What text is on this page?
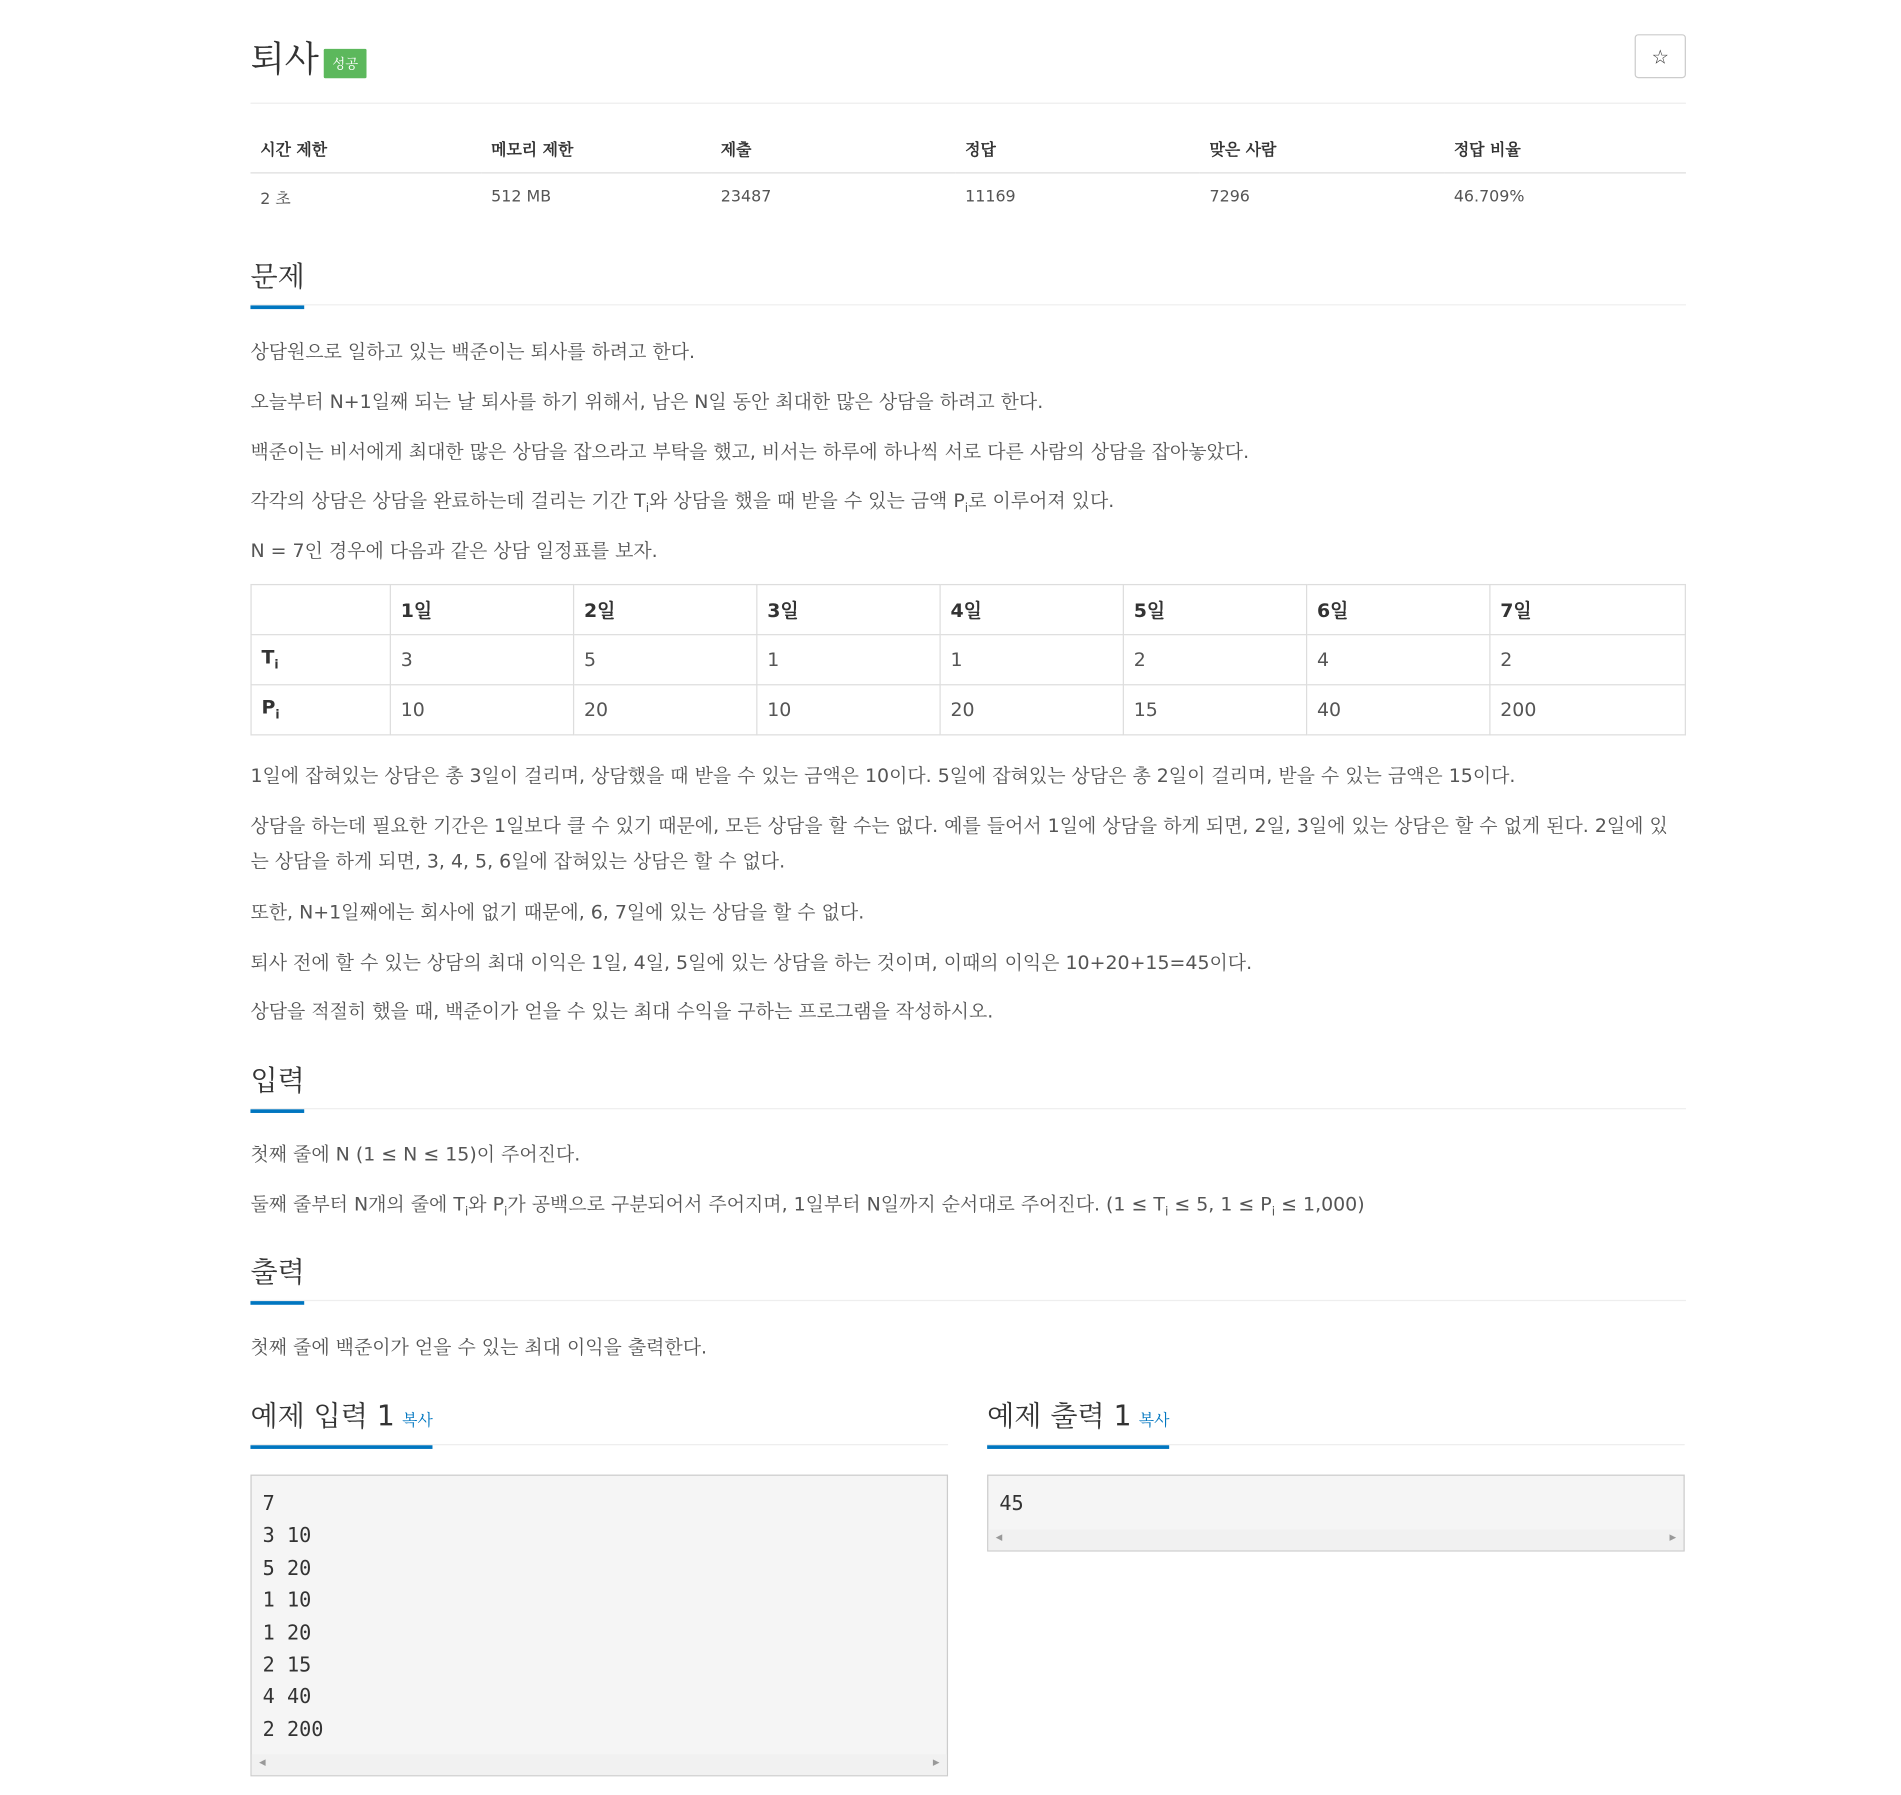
퇴사	성공	☆
시간 제한	메모리 제한	제출	정답	맞은 사람	정답 비율
2 초	512 MB	23487	11169	7296	46.709%
문제
상담원으로 일하고 있는 백준이는 퇴사를 하려고 한다.
오늘부터 N+1일째 되는 날 퇴사를 하기 위해서, 남은 N일 동안 최대한 많은 상담을 하려고 한다.
백준이는 비서에게 최대한 많은 상담을 잡으라고 부탁을 했고, 비서는 하루에 하나씩 서로 다른 사람의 상담을 잡아놓았다.
각각의 상담은 상담을 완료하는데 걸리는 기간 $T_i$와 상담을 했을 때 받을 수 있는 금액 $P_i$로 이루어져 있다.
N = 7인 경우에 다음과 같은 상담 일정표를 보자.
	1일	2일	3일	4일	5일	6일	7일
$T_i$	3	5	1	1	2	4	2
$P_i$	10	20	10	20	15	40	200
1일에 잡혀있는 상담은 총 3일이 걸리며, 상담했을 때 받을 수 있는 금액은 10이다. 5일에 잡혀있는 상담은 총 2일이 걸리며, 받을 수 있는 금액은 15이다.
상담을 하는데 필요한 기간은 1일보다 클 수 있기 때문에, 모든 상담을 할 수는 없다. 예를 들어서 1일에 상담을 하게 되면, 2일, 3일에 있는 상담은 할 수 없게 된다. 2일에 있는 상담을 하게 되면, 3, 4, 5, 6일에 잡혀있는 상담은 할 수 없다.
또한, N+1일째에는 회사에 없기 때문에, 6, 7일에 있는 상담을 할 수 없다.
퇴사 전에 할 수 있는 상담의 최대 이익은 1일, 4일, 5일에 있는 상담을 하는 것이며, 이때의 이익은 10+20+15=45이다.
상담을 적절히 했을 때, 백준이가 얻을 수 있는 최대 수익을 구하는 프로그램을 작성하시오.
입력
첫째 줄에 N (1 ≤ N ≤ 15)이 주어진다.
둘째 줄부터 N개의 줄에 $T_i$와 $P_i$가 공백으로 구분되어서 주어지며, 1일부터 N일까지 순서대로 주어진다. ($1 \le T_i \le 5$, $1 \le P_i \le 1,000$)
출력
첫째 줄에 백준이가 얻을 수 있는 최대 이익을 출력한다.
예제 입력 1 복사
7
3 10
5 20
1 10
1 20
2 15
4 40
2 200
◀	▶
예제 출력 1 복사
45
◀	▶
